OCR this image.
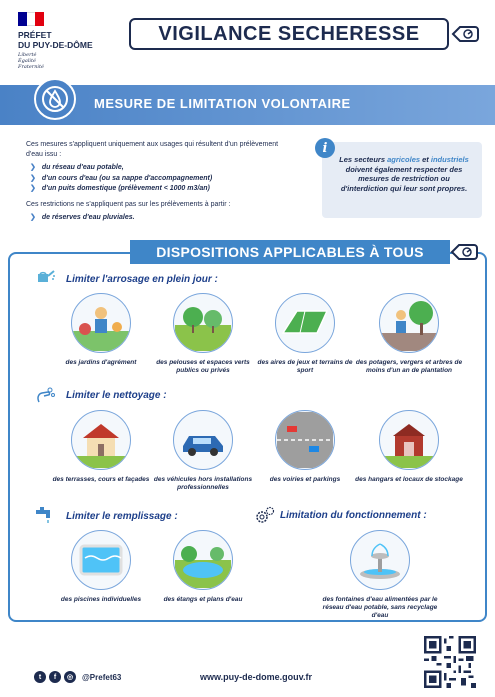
PRÉFET
DU PUY-DE-DÔME
Liberté
Égalité
Fraternité
VIGILANCE SECHERESSE
MESURE DE LIMITATION VOLONTAIRE
Ces mesures s'appliquent uniquement aux usages qui résultent d'un prélèvement d'eau issu :
❯ du réseau d'eau potable,
❯ d'un cours d'eau (ou sa nappe d'accompagnement)
❯ d'un puits domestique (prélèvement < 1000 m3/an)
Ces restrictions ne s'appliquent pas sur les prélèvements à partir :
❯ de réserves d'eau pluviales.
i
Les secteurs agricoles et industriels doivent également respecter des mesures de restriction ou d'interdiction qui leur sont propres.
DISPOSITIONS APPLICABLES À TOUS
Limiter l'arrosage en plein jour :
des jardins d'agrément	des pelouses et espaces verts publics ou privés
des aires de jeux et terrains de sport
des potagers, vergers et arbres de moins d'un an de plantation
Limiter le nettoyage :
des terrasses, cours et façades des véhicules hors installations professionnelles
des voiries et parkings des hangars et locaux de stockage
Limiter le remplissage :
des piscines individuelles	des étangs et plans d'eau
Limitation du fonctionnement :
des fontaines d'eau alimentées par le réseau d'eau potable, sans recyclage d'eau
t	f	◎	@Prefet63	www.puy-de-dome.gouv.fr
